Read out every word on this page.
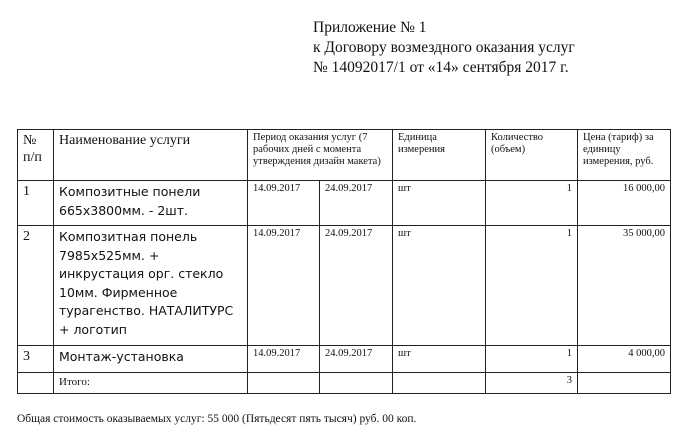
Приложение № 1
к Договору возмездного оказания услуг
№ 14092017/1 от «14» сентября 2017 г.
№ п/п	Наименование услуги	Период оказания услуг (7 рабочих дней с момента утверждения дизайн макета)		Единица измерения	Количество (объем)	Цена (тариф) за единицу измерения, руб.
1	Композитные понели 665х3800мм. - 2шт.	14.09.2017	24.09.2017	шт	1	16 000,00
2	Композитная понель 7985х525мм. + инкрустация орг. стекло 10мм. Фирменное турагенство. НАТАЛИТУРС + логотип	14.09.2017	24.09.2017	шт	1	35 000,00
3	Монтаж-установка	14.09.2017	24.09.2017	шт	1	4 000,00
	Итого:				3	
Общая стоимость оказываемых услуг: 55 000 (Пятьдесят пять тысяч) руб. 00 коп.
